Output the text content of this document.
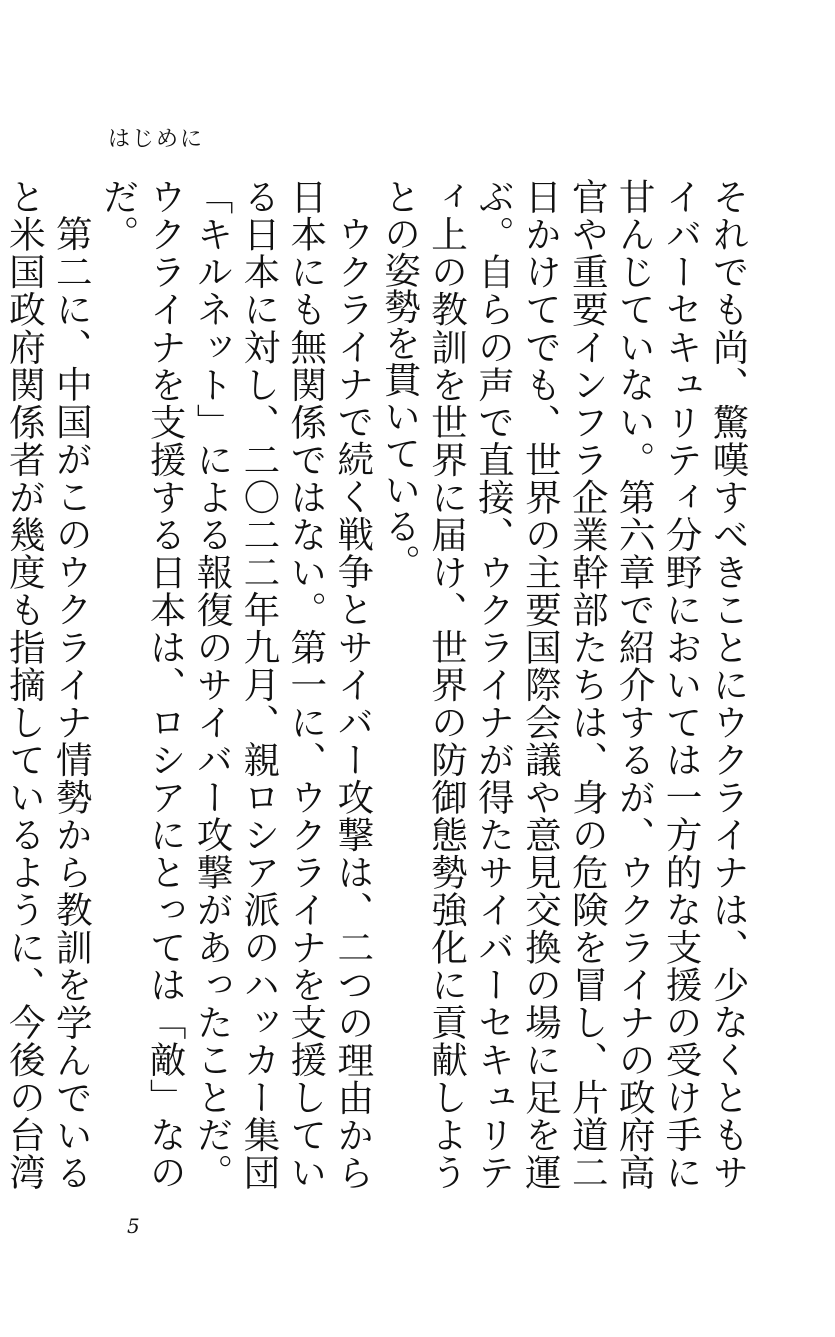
はじめに

それでも尚、驚嘆すべきことにウクライナは、少なくともサイバーセキュリティ分野においては一方的な支援の受け手に甘んじていない。第六章で紹介するが、ウクライナの政府高官や重要インフラ企業幹部たちは、身の危険を冒し、片道二日かけてでも、世界の主要国際会議や意見交換の場に足を運ぶ。自らの声で直接、ウクライナが得たサイバーセキュリティ上の教訓を世界に届け、世界の防御態勢強化に貢献しようとの姿勢を貫いている。

ウクライナで続く戦争とサイバー攻撃は、二つの理由から日本にも無関係ではない。第一に、ウクライナを支援している日本に対し、二〇二二年九月、親ロシア派のハッカー集団「キルネット」による報復のサイバー攻撃があったことだ。ウクライナを支援する日本は、ロシアにとっては「敵」なのだ。

第二に、中国がこのウクライナ情勢から教訓を学んでいると米国政府関係者が幾度も指摘しているように、今後の台湾

5
